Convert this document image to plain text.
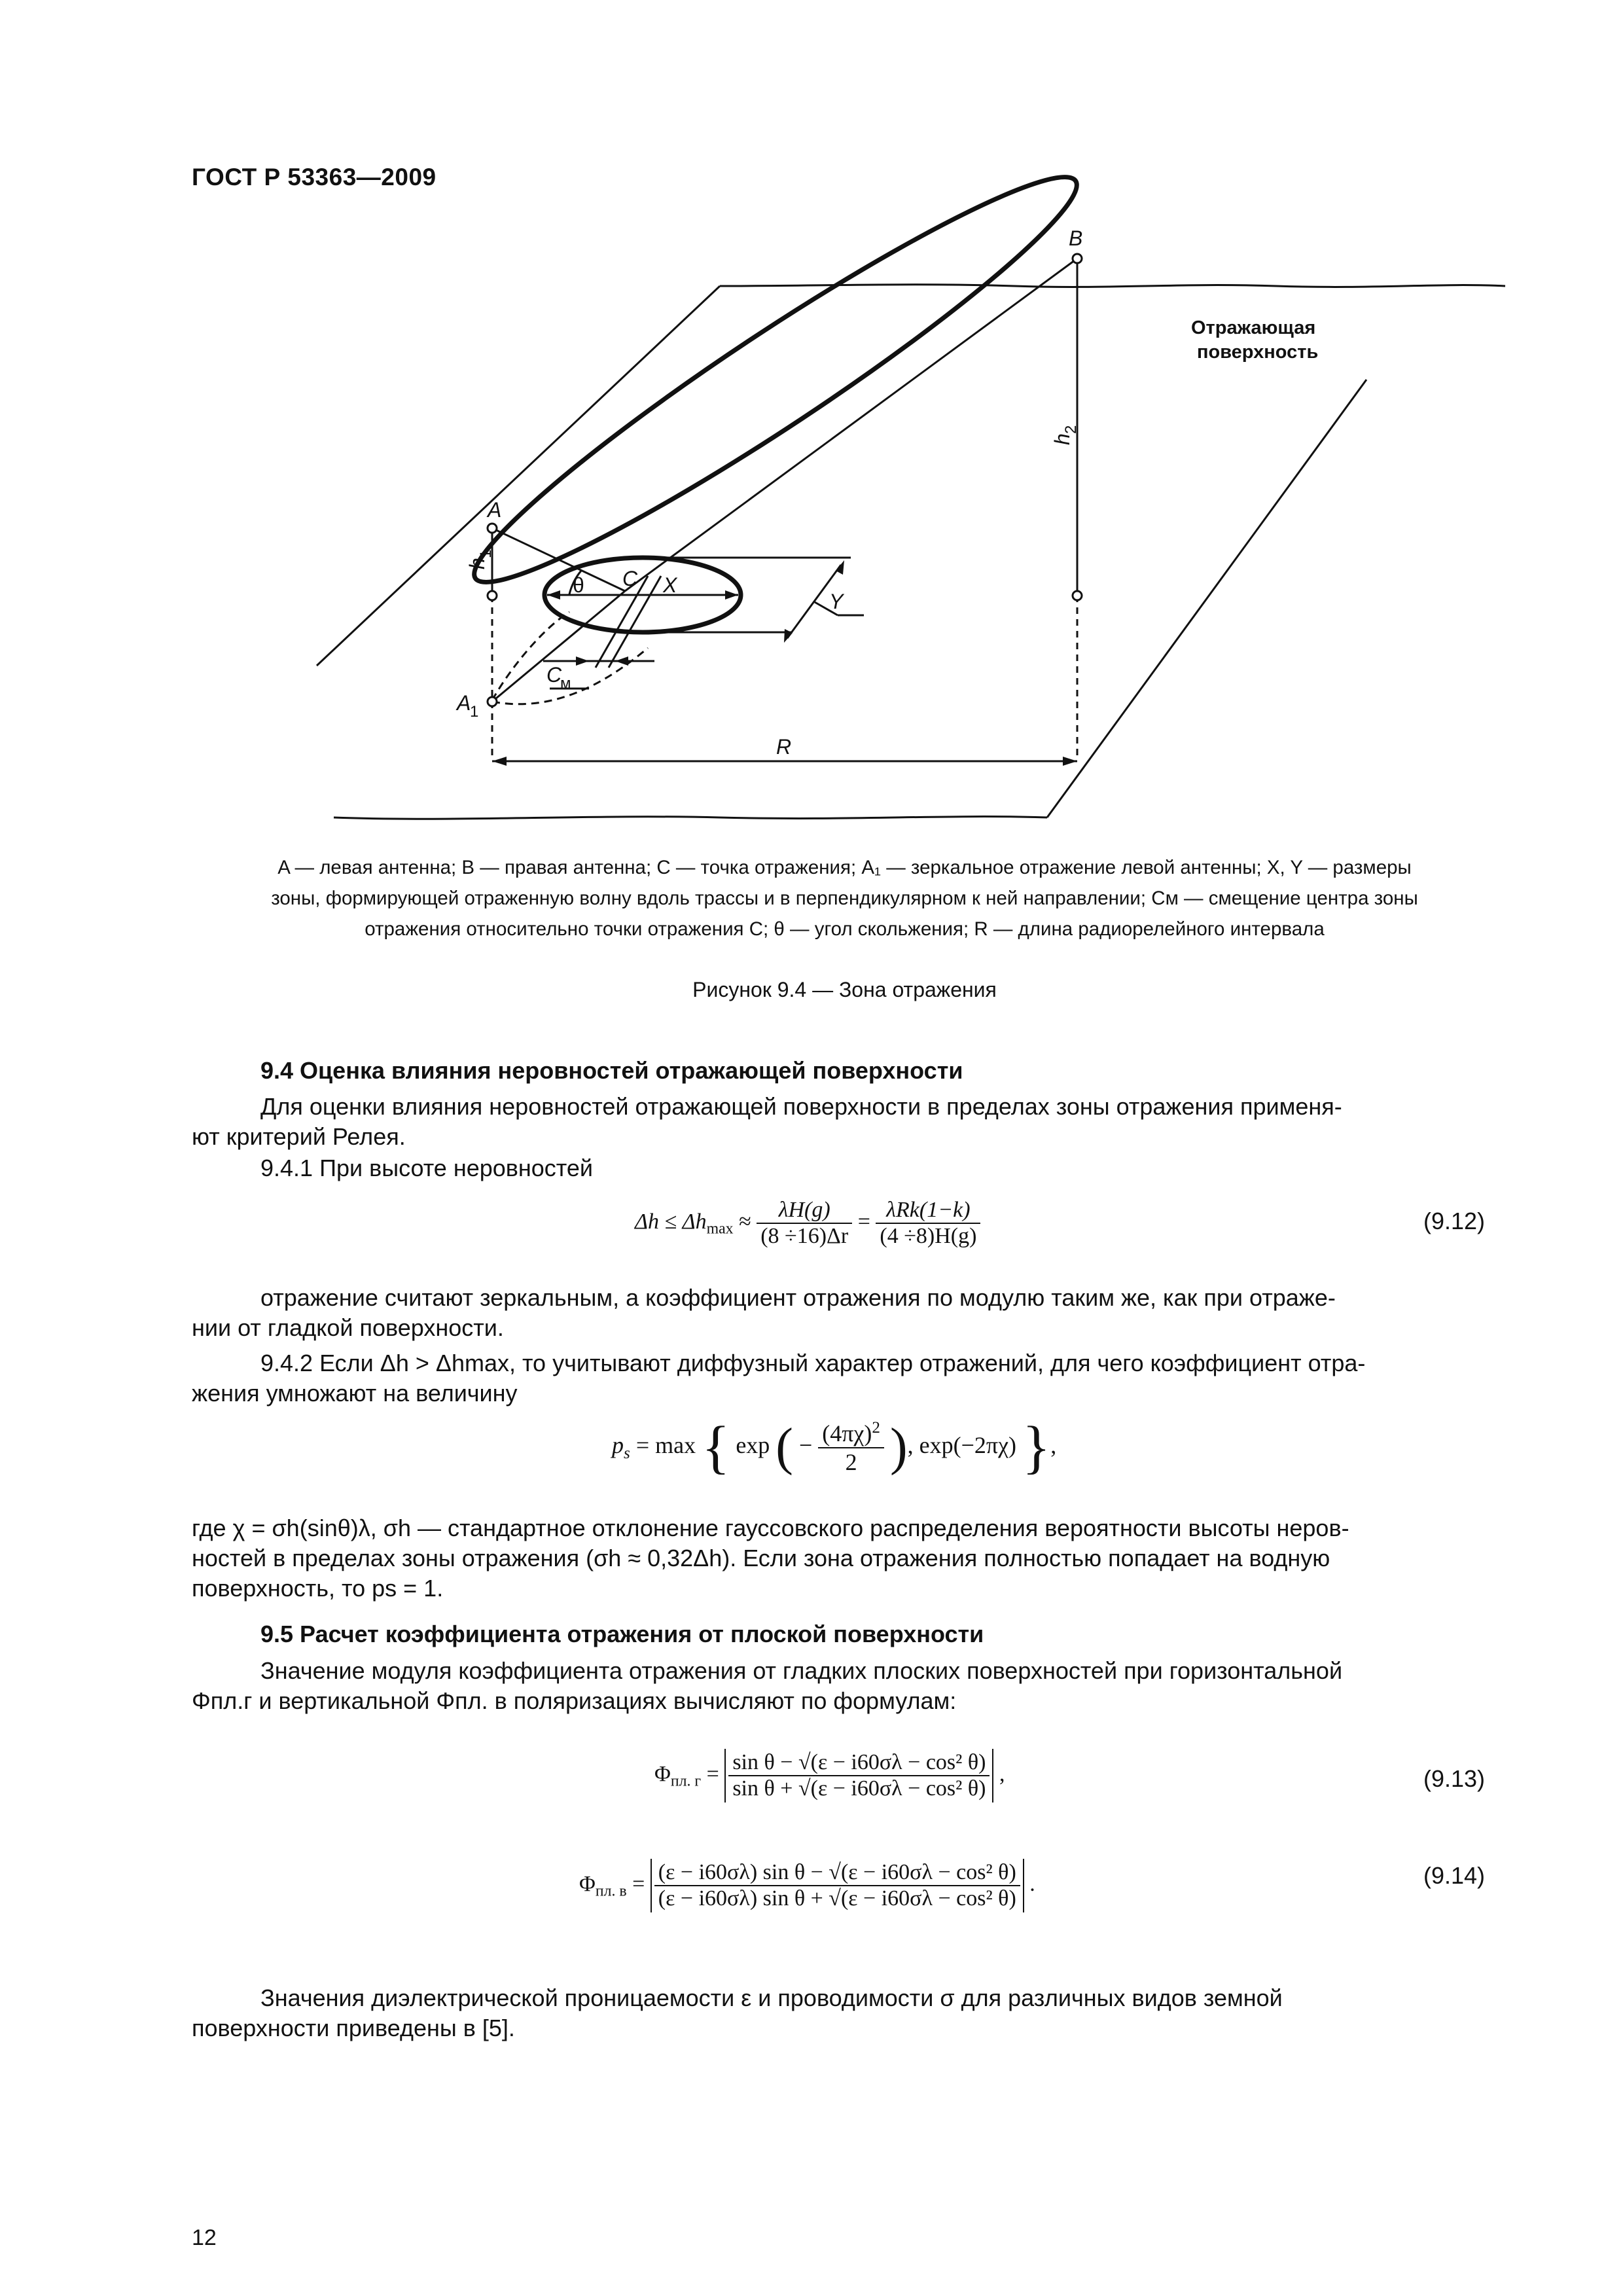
ГОСТ Р 53363—2009
B
A
A
1
h
1
h
2
θ C X
Y
C
м
R
Отражающая
поверхность
A — левая антенна; B — правая антенна; C — точка отражения; A₁ — зеркальное отражение левой антенны; X, Y — размеры
зоны, формирующей отраженную волну вдоль трассы и в перпендикулярном к ней направлении; Cм — смещение центра зоны
отражения относительно точки отражения C; θ — угол скольжения; R — длина радиорелейного интервала
Рисунок 9.4 — Зона отражения
9.4 Оценка влияния неровностей отражающей поверхности
Для оценки влияния неровностей отражающей поверхности в пределах зоны отражения применя-
ют критерий Релея.
9.4.1 При высоте неровностей
$\Delta h \le \Delta h_{max} \approx \frac{\lambda H(g)}{(8 \div 16)\Delta r} = \frac{\text{λRk(1−k)}}{(4 \div 8)H(g)}$	(9.12)
отражение считают зеркальным, а коэффициент отражения по модулю таким же, как при отраже-
нии от гладкой поверхности.
9.4.2 Если Δh > Δhmax, то учитывают диффузный характер отражений, для чего коэффициент отра-
жения умножают на величину
$p_s = \max$ { exp ( − $\frac{(4\pi\chi)^2}{2}$ ), exp(−2πχ) },
где χ = σh(sinθ)λ, σh — стандартное отклонение гауссовского распределения вероятности высоты неров-
ностей в пределах зоны отражения (σh ≈ 0,32Δh). Если зона отражения полностью попадает на водную
поверхность, то ps = 1.
9.5 Расчет коэффициента отражения от плоской поверхности
Значение модуля коэффициента отражения от гладких плоских поверхностей при горизонтальной
Φпл.г и вертикальной Φпл. в поляризациях вычисляют по формулам:
$\Phi_{пл. г} = \frac{\text{sin θ − √(ε − i60σλ − cos² θ)}}{\text{sin θ + √(ε − i60σλ − cos² θ)}}$ ,	(9.13)
$\Phi_{пл. в} = \frac{\text{(ε − i60σλ) sin θ − √(ε − i60σλ − cos² θ)}}{\text{(ε − i60σλ) sin θ + √(ε − i60σλ − cos² θ)}}$ .	(9.14)
Значения диэлектрической проницаемости ε и проводимости σ для различных видов земной
поверхности приведены в [5].
12
